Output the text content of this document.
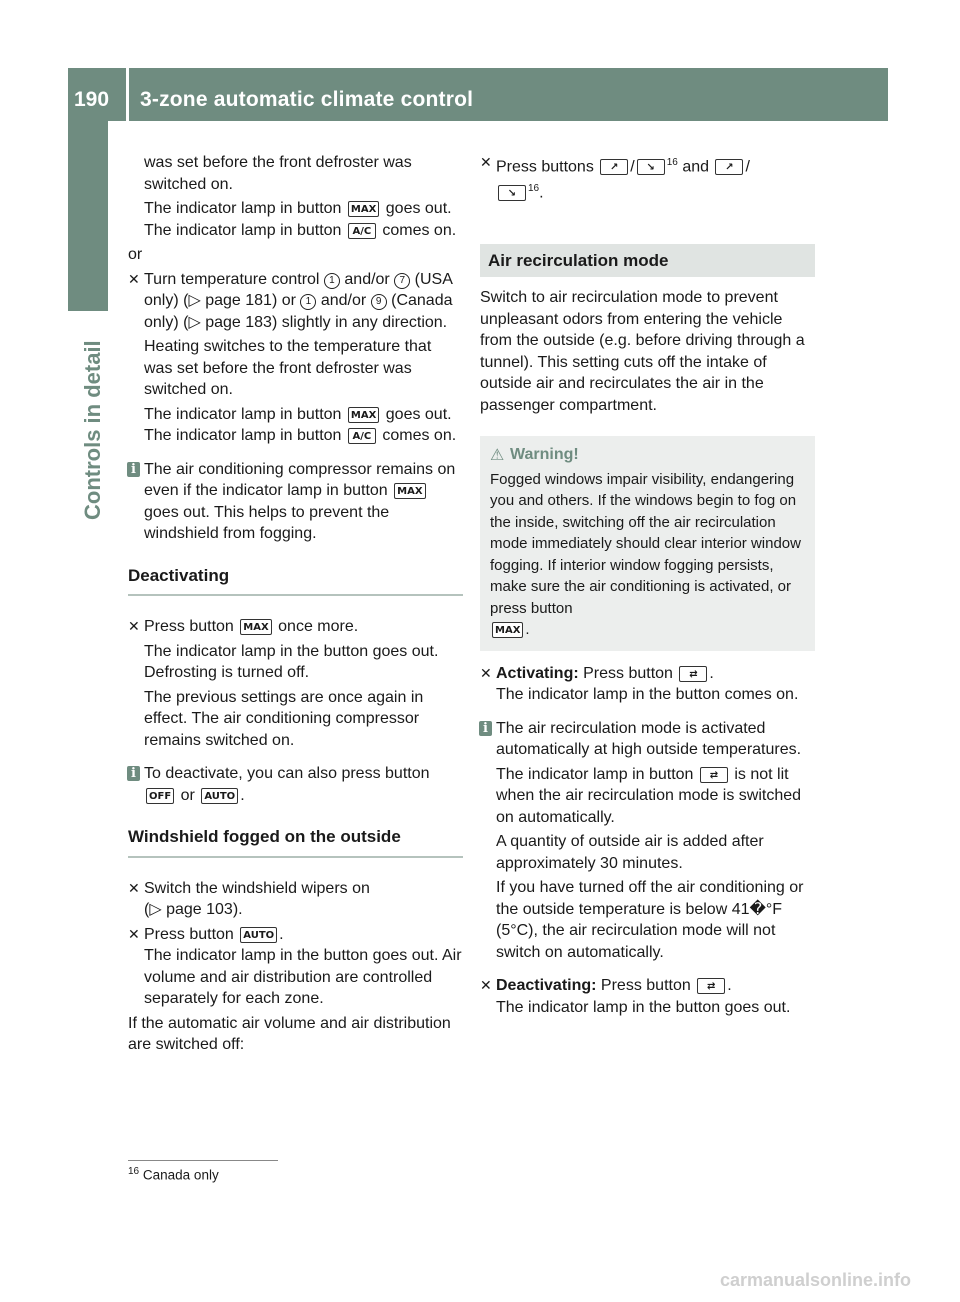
190 3-zone automatic climate control
Controls in detail

was set before the front defroster was switched on.

The indicator lamp in button MAX goes out.

The indicator lamp in button A/C comes on.

or

✕ Turn temperature control 1 and/or 7 (USA only) (▷ page 181) or 1 and/or 9 (Canada only) (▷ page 183) slightly in any direction.

Heating switches to the temperature that was set before the front defroster was switched on.

The indicator lamp in button MAX goes out.

The indicator lamp in button A/C comes on.

i The air conditioning compressor remains on even if the indicator lamp in button MAX goes out. This helps to prevent the windshield from fogging.
Deactivating
✕ Press button MAX once more.

The indicator lamp in the button goes out. Defrosting is turned off.

The previous settings are once again in effect. The air conditioning compressor remains switched on.

i To deactivate, you can also press button OFF or AUTO .
Windshield fogged on the outside
✕ Switch the windshield wipers on
(▷ page 103).
✕ Press button AUTO .

The indicator lamp in the button goes out. Air volume and air distribution are controlled separately for each zone.

If the automatic air volume and air distribution are switched off:

✕ Press buttons ↗ / ↘ $^{16}$ and ↗ /
↘ $^{16}$.
Air recirculation mode

Switch to air recirculation mode to prevent unpleasant odors from entering the vehicle from the outside (e.g. before driving through a tunnel). This setting cuts off the intake of outside air and recirculates the air in the passenger compartment.

⚠ Warning!

Fogged windows impair visibility, endangering you and others. If the windows begin to fog on the inside, switching off the air recirculation mode immediately should clear interior window fogging. If interior window fogging persists, make sure the air conditioning is activated, or press button
MAX .

✕ Activating: Press button ⇄ .
The indicator lamp in the button comes on.
i The air recirculation mode is activated automatically at high outside temperatures.

The indicator lamp in button ⇄ is not lit when the air recirculation mode is switched on automatically.

A quantity of outside air is added after approximately 30 minutes.

If you have turned off the air conditioning or the outside temperature is below 41�°F (5°C), the air recirculation mode will not switch on automatically.

✕ Deactivating: Press button ⇄ .
The indicator lamp in the button goes out.
$^{16}$ Canada only
carmanualsonline.info
